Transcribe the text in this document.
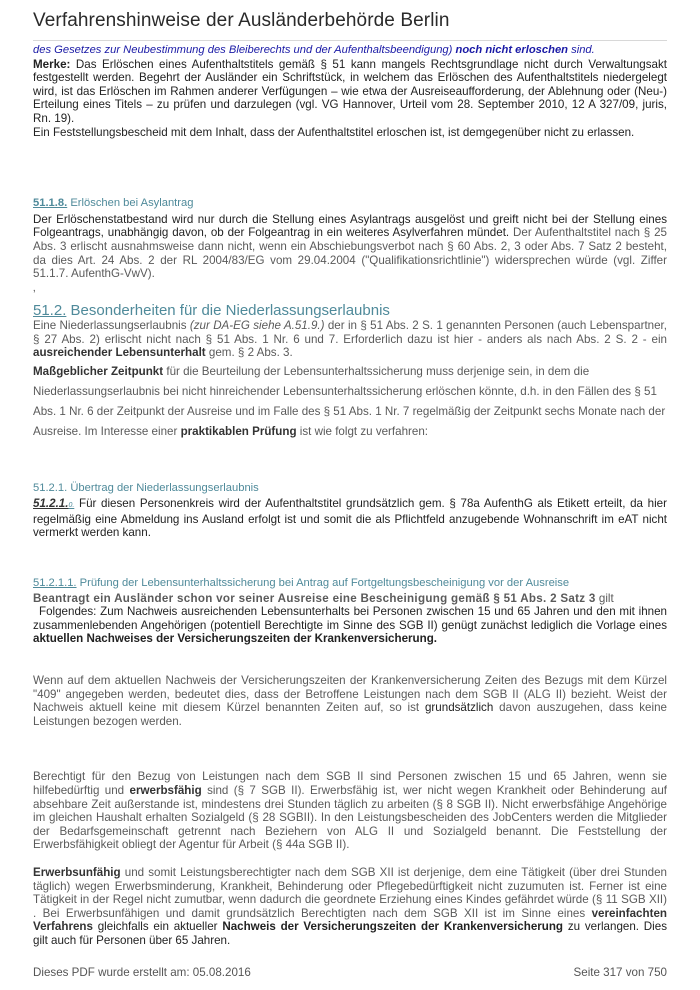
Verfahrenshinweise der Ausländerbehörde Berlin

des Gesetzes zur Neubestimmung des Bleiberechts und der Aufenthaltsbeendigung) noch nicht erloschen sind.

Merke: Das Erlöschen eines Aufenthaltstitels gemäß § 51 kann mangels Rechtsgrundlage nicht durch Verwaltungsakt festgestellt werden. Begehrt der Ausländer ein Schriftstück, in welchem das Erlöschen des Aufenthaltstitels niedergelegt wird, ist das Erlöschen im Rahmen anderer Verfügungen – wie etwa der Ausreiseaufforderung, der Ablehnung oder (Neu-) Erteilung eines Titels – zu prüfen und darzulegen (vgl. VG Hannover, Urteil vom 28. September 2010, 12 A 327/09, juris, Rn. 19).

Ein Feststellungsbescheid mit dem Inhalt, dass der Aufenthaltstitel erloschen ist, ist demgegenüber nicht zu erlassen.

51.1.8. Erlöschen bei Asylantrag

Der Erlöschenstatbestand wird nur durch die Stellung eines Asylantrags ausgelöst und greift nicht bei der Stellung eines Folgeantrags, unabhängig davon, ob der Folgeantrag in ein weiteres Asylverfahren mündet. Der Aufenthaltstitel nach § 25 Abs. 3 erlischt ausnahmsweise dann nicht, wenn ein Abschiebungsverbot nach § 60 Abs. 2, 3 oder Abs. 7 Satz 2 besteht, da dies Art. 24 Abs. 2 der RL 2004/83/EG vom 29.04.2004 ("Qualifikationsrichtlinie") widersprechen würde (vgl. Ziffer 51.1.7. AufenthG-VwV).

‚
51.2. Besonderheiten für die Niederlassungserlaubnis

Eine Niederlassungserlaubnis (zur DA-EG siehe A.51.9.) der in § 51 Abs. 2 S. 1 genannten Personen (auch Lebenspartner, § 27 Abs. 2) erlischt nicht nach § 51 Abs. 1 Nr. 6 und 7. Erforderlich dazu ist hier - anders als nach Abs. 2 S. 2 - ein ausreichender Lebensunterhalt gem. § 2 Abs. 3.

Maßgeblicher Zeitpunkt für die Beurteilung der Lebensunterhaltssicherung muss derjenige sein, in dem die Niederlassungserlaubnis bei nicht hinreichender Lebensunterhaltssicherung erlöschen könnte, d.h. in den Fällen des § 51 Abs. 1 Nr. 6 der Zeitpunkt der Ausreise und im Falle des § 51 Abs. 1 Nr. 7 regelmäßig der Zeitpunkt sechs Monate nach der Ausreise. Im Interesse einer praktikablen Prüfung ist wie folgt zu verfahren:

51.2.1. Übertrag der Niederlassungserlaubnis

51.2.1.0. Für diesen Personenkreis wird der Aufenthaltstitel grundsätzlich gem. § 78a AufenthG als Etikett erteilt, da hier regelmäßig eine Abmeldung ins Ausland erfolgt ist und somit die als Pflichtfeld anzugebende Wohnanschrift im eAT nicht vermerkt werden kann.

51.2.1.1. Prüfung der Lebensunterhaltssicherung bei Antrag auf Fortgeltungsbescheinigung vor der Ausreise

Beantragt ein Ausländer schon vor seiner Ausreise eine Bescheinigung gemäß § 51 Abs. 2 Satz 3 gilt
Folgendes: Zum Nachweis ausreichenden Lebensunterhalts bei Personen zwischen 15 und 65 Jahren und den mit ihnen zusammenlebenden Angehörigen (potentiell Berechtigte im Sinne des SGB II) genügt zunächst lediglich die Vorlage eines aktuellen Nachweises der Versicherungszeiten der Krankenversicherung.

Wenn auf dem aktuellen Nachweis der Versicherungszeiten der Krankenversicherung Zeiten des Bezugs mit dem Kürzel "409" angegeben werden, bedeutet dies, dass der Betroffene Leistungen nach dem SGB II (ALG II) bezieht. Weist der Nachweis aktuell keine mit diesem Kürzel benannten Zeiten auf, so ist grundsätzlich davon auszugehen, dass keine Leistungen bezogen werden.

Berechtigt für den Bezug von Leistungen nach dem SGB II sind Personen zwischen 15 und 65 Jahren, wenn sie hilfebedürftig und erwerbsfähig sind (§ 7 SGB II). Erwerbsfähig ist, wer nicht wegen Krankheit oder Behinderung auf absehbare Zeit außerstande ist, mindestens drei Stunden täglich zu arbeiten (§ 8 SGB II). Nicht erwerbsfähige Angehörige im gleichen Haushalt erhalten Sozialgeld (§ 28 SGBII). In den Leistungsbescheiden des JobCenters werden die Mitglieder der Bedarfsgemeinschaft getrennt nach Beziehern von ALG II und Sozialgeld benannt. Die Feststellung der Erwerbsfähigkeit obliegt der Agentur für Arbeit (§ 44a SGB II).

Erwerbsunfähig und somit Leistungsberechtigter nach dem SGB XII ist derjenige, dem eine Tätigkeit (über drei Stunden täglich) wegen Erwerbsminderung, Krankheit, Behinderung oder Pflegebedürftigkeit nicht zuzumuten ist. Ferner ist eine Tätigkeit in der Regel nicht zumutbar, wenn dadurch die geordnete Erziehung eines Kindes gefährdet würde (§ 11 SGB XII) . Bei Erwerbsunfähigen und damit grundsätzlich Berechtigten nach dem SGB XII ist im Sinne eines vereinfachten Verfahrens gleichfalls ein aktueller Nachweis der Versicherungszeiten der Krankenversicherung zu verlangen. Dies gilt auch für Personen über 65 Jahren.

Dieses PDF wurde erstellt am: 05.08.2016	Seite 317 von 750
